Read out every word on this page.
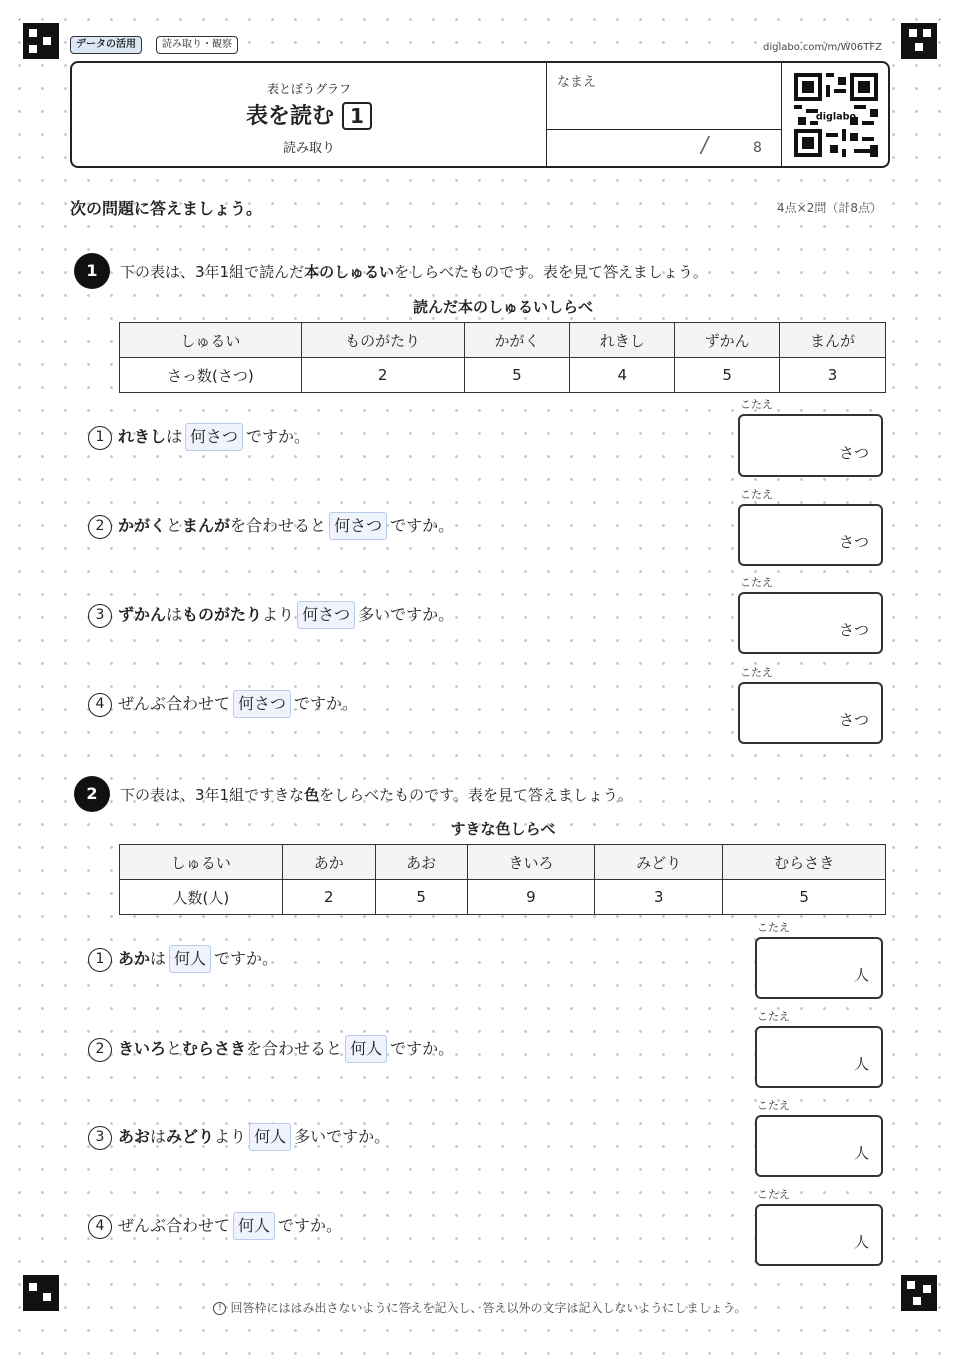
データの活用	読み取り・観察	diglabo.com/m/W06TFZ
表とぼうグラフ
表を読む 1
読み取り
なまえ
/	8
diglabo
次の問題に答えましょう。	4点×2問（計8点）
1	下の表は、3年1組で読んだ本のしゅるいをしらべたものです。表を見て答えましょう。
読んだ本のしゅるいしらべ
しゅるい	ものがたり	かがく	れきし	ずかん	まんが
さっ数(さつ)	2	5	4	5	3
1 れきしは 何さつ ですか。
こたえ
さつ
2 かがくとまんがを合わせると 何さつ ですか。
こたえ
さつ
3 ずかんはものがたりより 何さつ 多いですか。
こたえ
さつ
4 ぜんぶ合わせて 何さつ ですか。
こたえ
さつ
2	下の表は、3年1組ですきな色をしらべたものです。表を見て答えましょう。
すきな色しらべ
しゅるい	あか	あお	きいろ	みどり	むらさき
人数(人)	2	5	9	3	5
1 あかは 何人 ですか。
こたえ
人
2 きいろとむらさきを合わせると 何人 ですか。
こたえ
人
3 あおはみどりより 何人 多いですか。
こたえ
人
4 ぜんぶ合わせて 何人 ですか。
こたえ
人
! 回答枠にははみ出さないように答えを記入し、答え以外の文字は記入しないようにしましょう。
